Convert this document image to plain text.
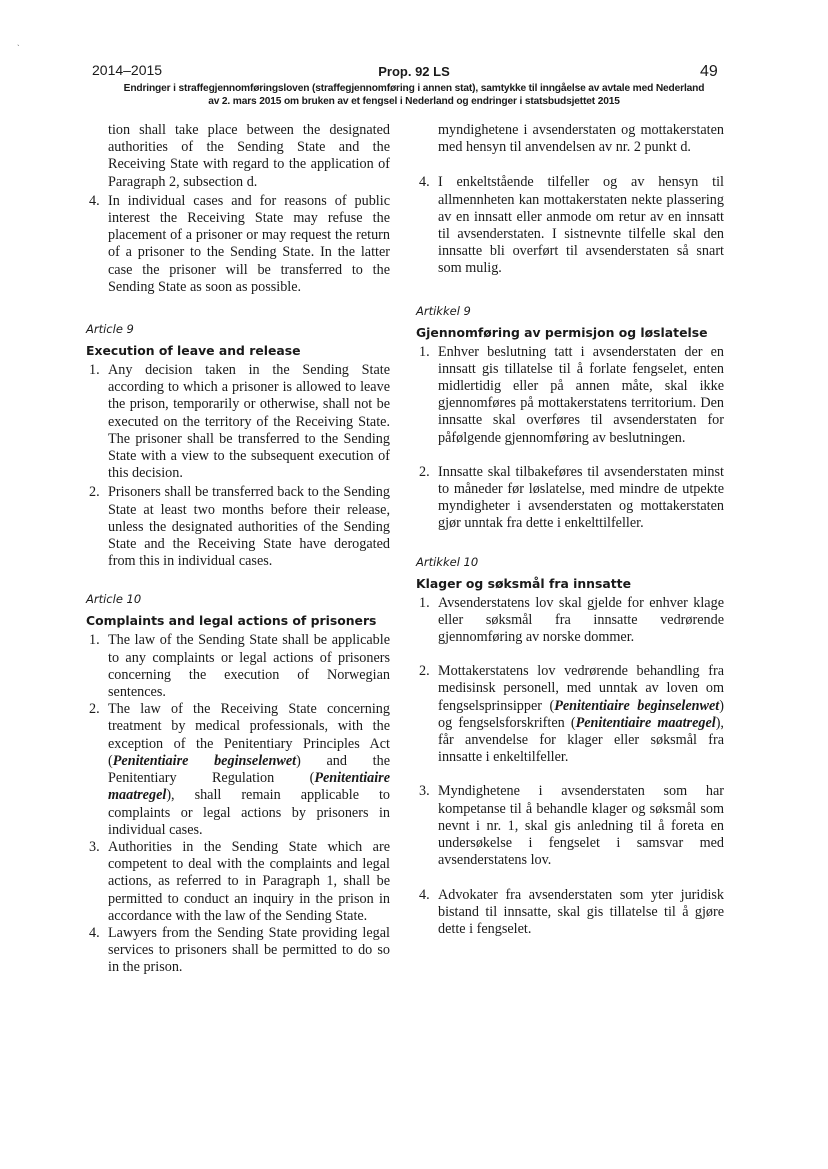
`
2014–2015	Prop. 92 LS	49
Endringer i straffegjennomføringsloven (straffegjennomføring i annen stat), samtykke til inngåelse av avtale med Nederland
av 2. mars 2015 om bruken av et fengsel i Nederland og endringer i statsbudsjettet 2015

tion shall take place between the designated authorities of the Sending State and the Receiving State with regard to the application of Paragraph 2, subsection d.

4. In individual cases and for reasons of public interest the Receiving State may refuse the placement of a prisoner or may request the return of a prisoner to the Sending State. In the latter case the prisoner will be transferred to the Sending State as soon as possible.

Article 9

Execution of leave and release

1. Any decision taken in the Sending State according to which a prisoner is allowed to leave the prison, temporarily or otherwise, shall not be executed on the territory of the Receiving State. The prisoner shall be transferred to the Sending State with a view to the subsequent execution of this decision.
2. Prisoners shall be transferred back to the Sending State at least two months before their release, unless the designated authorities of the Sending State and the Receiving State have derogated from this in individual cases.

Article 10

Complaints and legal actions of prisoners

1. The law of the Sending State shall be applicable to any complaints or legal actions of prisoners concerning the execution of Norwegian sentences.
2. The law of the Receiving State concerning treatment by medical professionals, with the exception of the Penitentiary Principles Act (Penitentiaire beginselenwet) and the Penitentiary Regulation (Penitentiaire maatregel), shall remain applicable to complaints or legal actions by prisoners in individual cases.
3. Authorities in the Sending State which are competent to deal with the complaints and legal actions, as referred to in Paragraph 1, shall be permitted to conduct an inquiry in the prison in accordance with the law of the Sending State.
4. Lawyers from the Sending State providing legal services to prisoners shall be permitted to do so in the prison.

myndighetene i avsenderstaten og mottakerstaten med hensyn til anvendelsen av nr. 2 punkt d.

4. I enkeltstående tilfeller og av hensyn til allmennheten kan mottakerstaten nekte plassering av en innsatt eller anmode om retur av en innsatt til avsenderstaten. I sistnevnte tilfelle skal den innsatte bli overført til avsenderstaten så snart som mulig.

Artikkel 9

Gjennomføring av permisjon og løslatelse

1. Enhver beslutning tatt i avsenderstaten der en innsatt gis tillatelse til å forlate fengselet, enten midlertidig eller på annen måte, skal ikke gjennomføres på mottakerstatens territorium. Den innsatte skal overføres til avsenderstaten for påfølgende gjennomføring av beslutningen.
2. Innsatte skal tilbakeføres til avsenderstaten minst to måneder før løslatelse, med mindre de utpekte myndigheter i avsenderstaten og mottakerstaten gjør unntak fra dette i enkelttilfeller.

Artikkel 10

Klager og søksmål fra innsatte

1. Avsenderstatens lov skal gjelde for enhver klage eller søksmål fra innsatte vedrørende gjennomføring av norske dommer.
2. Mottakerstatens lov vedrørende behandling fra medisinsk personell, med unntak av loven om fengselsprinsipper (Penitentiaire beginselenwet) og fengselsforskriften (Penitentiaire maatregel), får anvendelse for klager eller søksmål fra innsatte i enkeltilfeller.
3. Myndighetene i avsenderstaten som har kompetanse til å behandle klager og søksmål som nevnt i nr. 1, skal gis anledning til å foreta en undersøkelse i fengselet i samsvar med avsenderstatens lov.
4. Advokater fra avsenderstaten som yter juridisk bistand til innsatte, skal gis tillatelse til å gjøre dette i fengselet.
